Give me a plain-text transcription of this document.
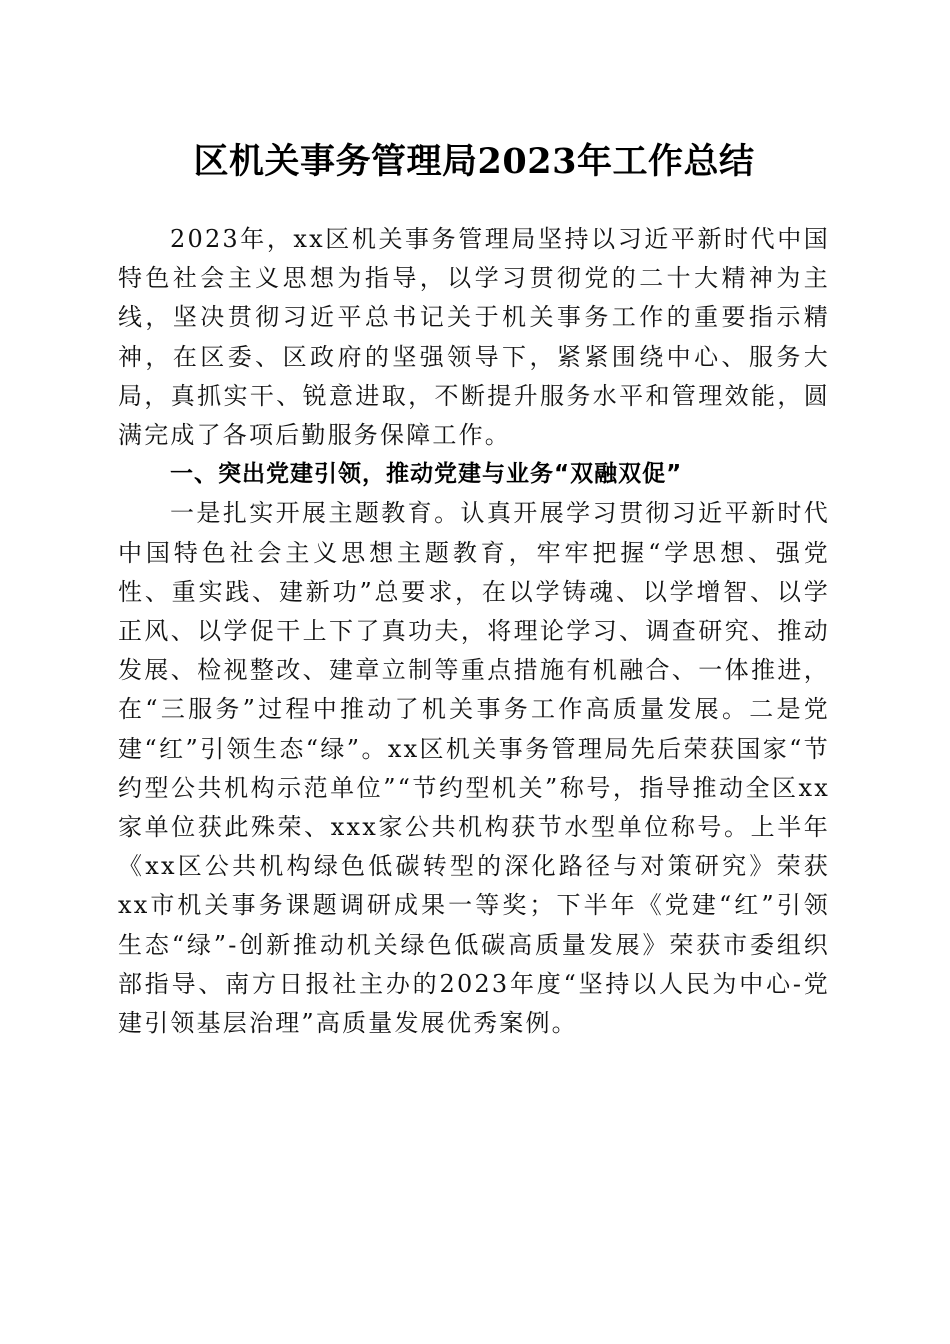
区机关事务管理局2023年工作总结

2023年，xx区机关事务管理局坚持以习近平新时代中国特色社会主义思想为指导，以学习贯彻党的二十大精神为主线，坚决贯彻习近平总书记关于机关事务工作的重要指示精神，在区委、区政府的坚强领导下，紧紧围绕中心、服务大局，真抓实干、锐意进取，不断提升服务水平和管理效能，圆满完成了各项后勤服务保障工作。

一、突出党建引领，推动党建与业务“双融双促”

一是扎实开展主题教育。认真开展学习贯彻习近平新时代中国特色社会主义思想主题教育，牢牢把握“学思想、强党性、重实践、建新功”总要求，在以学铸魂、以学增智、以学正风、以学促干上下了真功夫，将理论学习、调查研究、推动发展、检视整改、建章立制等重点措施有机融合、一体推进，在“三服务”过程中推动了机关事务工作高质量发展。二是党建“红”引领生态“绿”。xx区机关事务管理局先后荣获国家“节约型公共机构示范单位”“节约型机关”称号，指导推动全区xx家单位获此殊荣、xxx家公共机构获节水型单位称号。上半年《xx区公共机构绿色低碳转型的深化路径与对策研究》荣获xx市机关事务课题调研成果一等奖；下半年《党建“红”引领生态“绿”-创新推动机关绿色低碳高质量发展》荣获市委组织部指导、南方日报社主办的2023年度“坚持以人民为中心-党建引领基层治理”高质量发展优秀案例。
